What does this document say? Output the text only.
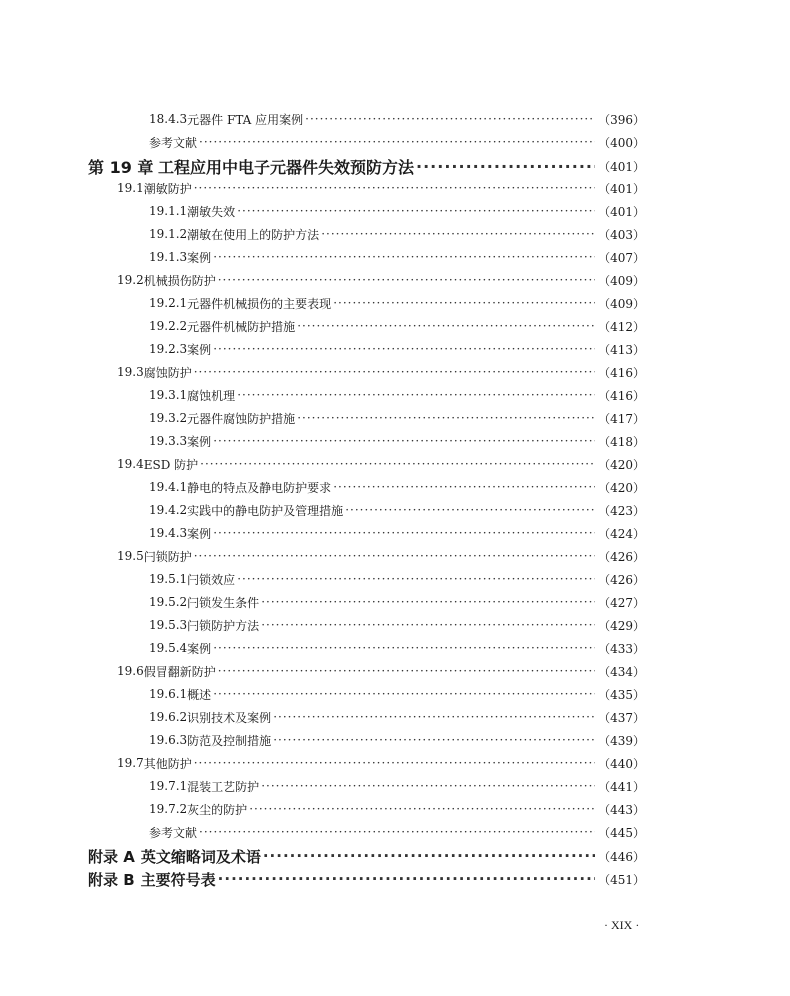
18.4.3 元器件 FTA 应用案例 ·····	（396）
参考文献 ·····	（400）
第 19 章 工程应用中电子元器件失效预防方法 ·····	（401）
19.1 潮敏防护 ·····	（401）
19.1.1 潮敏失效 ·····	（401）
19.1.2 潮敏在使用上的防护方法 ·····	（403）
19.1.3 案例 ·····	（407）
19.2 机械损伤防护 ·····	（409）
19.2.1 元器件机械损伤的主要表现 ·····	（409）
19.2.2 元器件机械防护措施 ·····	（412）
19.2.3 案例 ·····	（413）
19.3 腐蚀防护 ·····	（416）
19.3.1 腐蚀机理 ·····	（416）
19.3.2 元器件腐蚀防护措施 ·····	（417）
19.3.3 案例 ·····	（418）
19.4 ESD 防护 ·····	（420）
19.4.1 静电的特点及静电防护要求 ·····	（420）
19.4.2 实践中的静电防护及管理措施 ·····	（423）
19.4.3 案例 ·····	（424）
19.5 闩锁防护 ·····	（426）
19.5.1 闩锁效应 ·····	（426）
19.5.2 闩锁发生条件 ·····	（427）
19.5.3 闩锁防护方法 ·····	（429）
19.5.4 案例 ·····	（433）
19.6 假冒翻新防护 ·····	（434）
19.6.1 概述 ·····	（435）
19.6.2 识别技术及案例 ·····	（437）
19.6.3 防范及控制措施 ·····	（439）
19.7 其他防护 ·····	（440）
19.7.1 混装工艺防护 ·····	（441）
19.7.2 灰尘的防护 ·····	（443）
参考文献 ·····	（445）
附录 A 英文缩略词及术语 ·····	（446）
附录 B 主要符号表 ·····	（451）
· XIX ·
